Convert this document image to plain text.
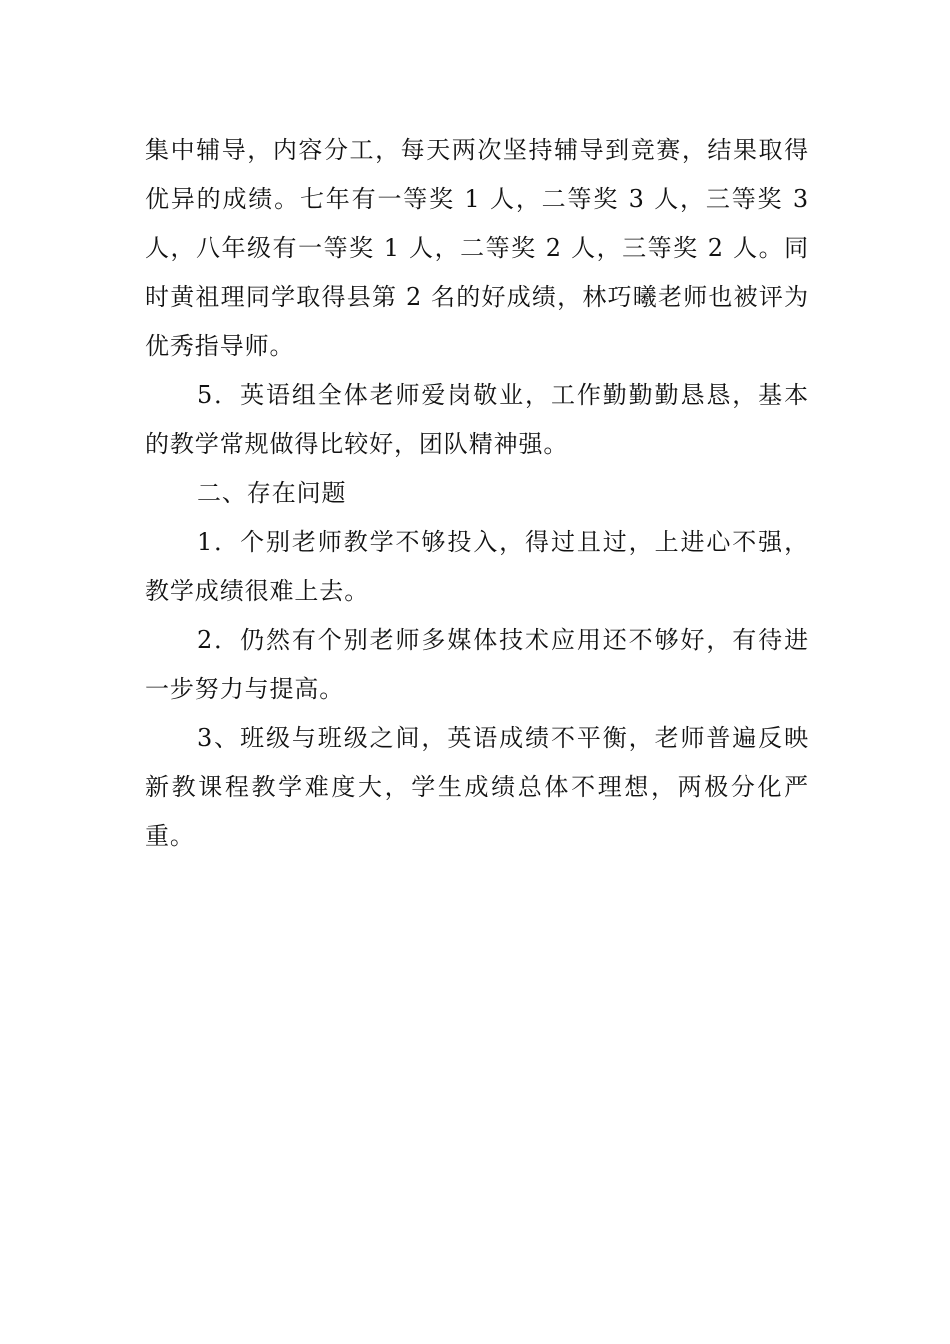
集中辅导，内容分工，每天两次坚持辅导到竞赛，结果取得优异的成绩。七年有一等奖 1 人，二等奖 3 人，三等奖 3 人，八年级有一等奖 1 人，二等奖 2 人，三等奖 2 人。同时黄祖理同学取得县第 2 名的好成绩，林巧曦老师也被评为优秀指导师。

5．英语组全体老师爱岗敬业，工作勤勤勤恳恳，基本的教学常规做得比较好，团队精神强。

二、存在问题

1．个别老师教学不够投入，得过且过，上进心不强，教学成绩很难上去。

2．仍然有个别老师多媒体技术应用还不够好，有待进一步努力与提高。

3、班级与班级之间，英语成绩不平衡，老师普遍反映新教课程教学难度大，学生成绩总体不理想，两极分化严重。
